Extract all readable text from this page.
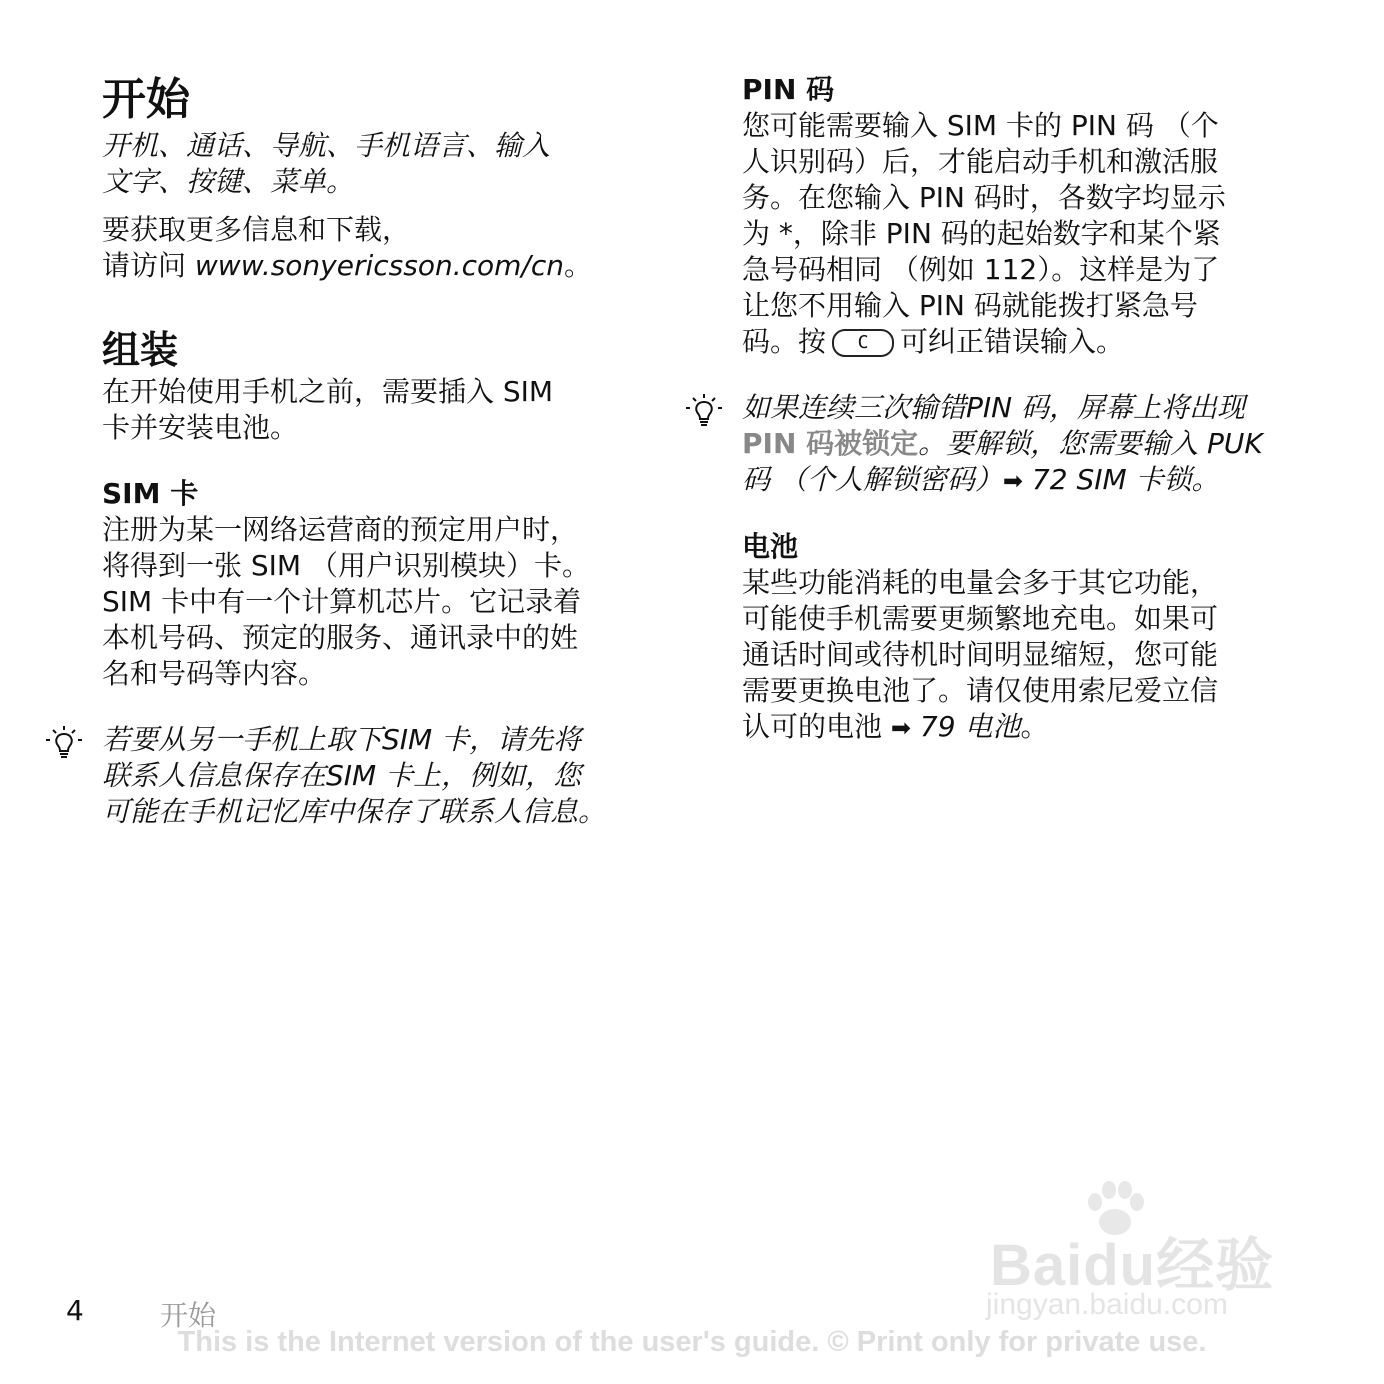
开始
开机、通话、导航、手机语言、输入
文字、按键、菜单。
要获取更多信息和下载，
请访问 www.sonyericsson.com/cn。
组装
在开始使用手机之前，需要插入 SIM
卡并安装电池。
SIM 卡
注册为某一网络运营商的预定用户时，
将得到一张 SIM （用户识别模块）卡。
SIM 卡中有一个计算机芯片。它记录着
本机号码、预定的服务、通讯录中的姓
名和号码等内容。
若要从另一手机上取下SIM 卡，请先将
联系人信息保存在SIM 卡上，例如，您
可能在手机记忆库中保存了联系人信息。
PIN 码
您可能需要输入 SIM 卡的 PIN 码 （个
人识别码）后，才能启动手机和激活服
务。在您输入 PIN 码时，各数字均显示
为 *，除非 PIN 码的起始数字和某个紧
急号码相同 （例如 112）。这样是为了
让您不用输入 PIN 码就能拨打紧急号
码。按 C 可纠正错误输入。
如果连续三次输错PIN 码，屏幕上将出现
PIN 码被锁定。要解锁，您需要输入 PUK
码 （个人解锁密码）➡ 72 SIM 卡锁。
电池
某些功能消耗的电量会多于其它功能，
可能使手机需要更频繁地充电。如果可
通话时间或待机时间明显缩短，您可能
需要更换电池了。请仅使用索尼爱立信
认可的电池 ➡ 79 电池。
Baidu经验
jingyan.baidu.com
4	开始
This is the Internet version of the user's guide. © Print only for private use.
